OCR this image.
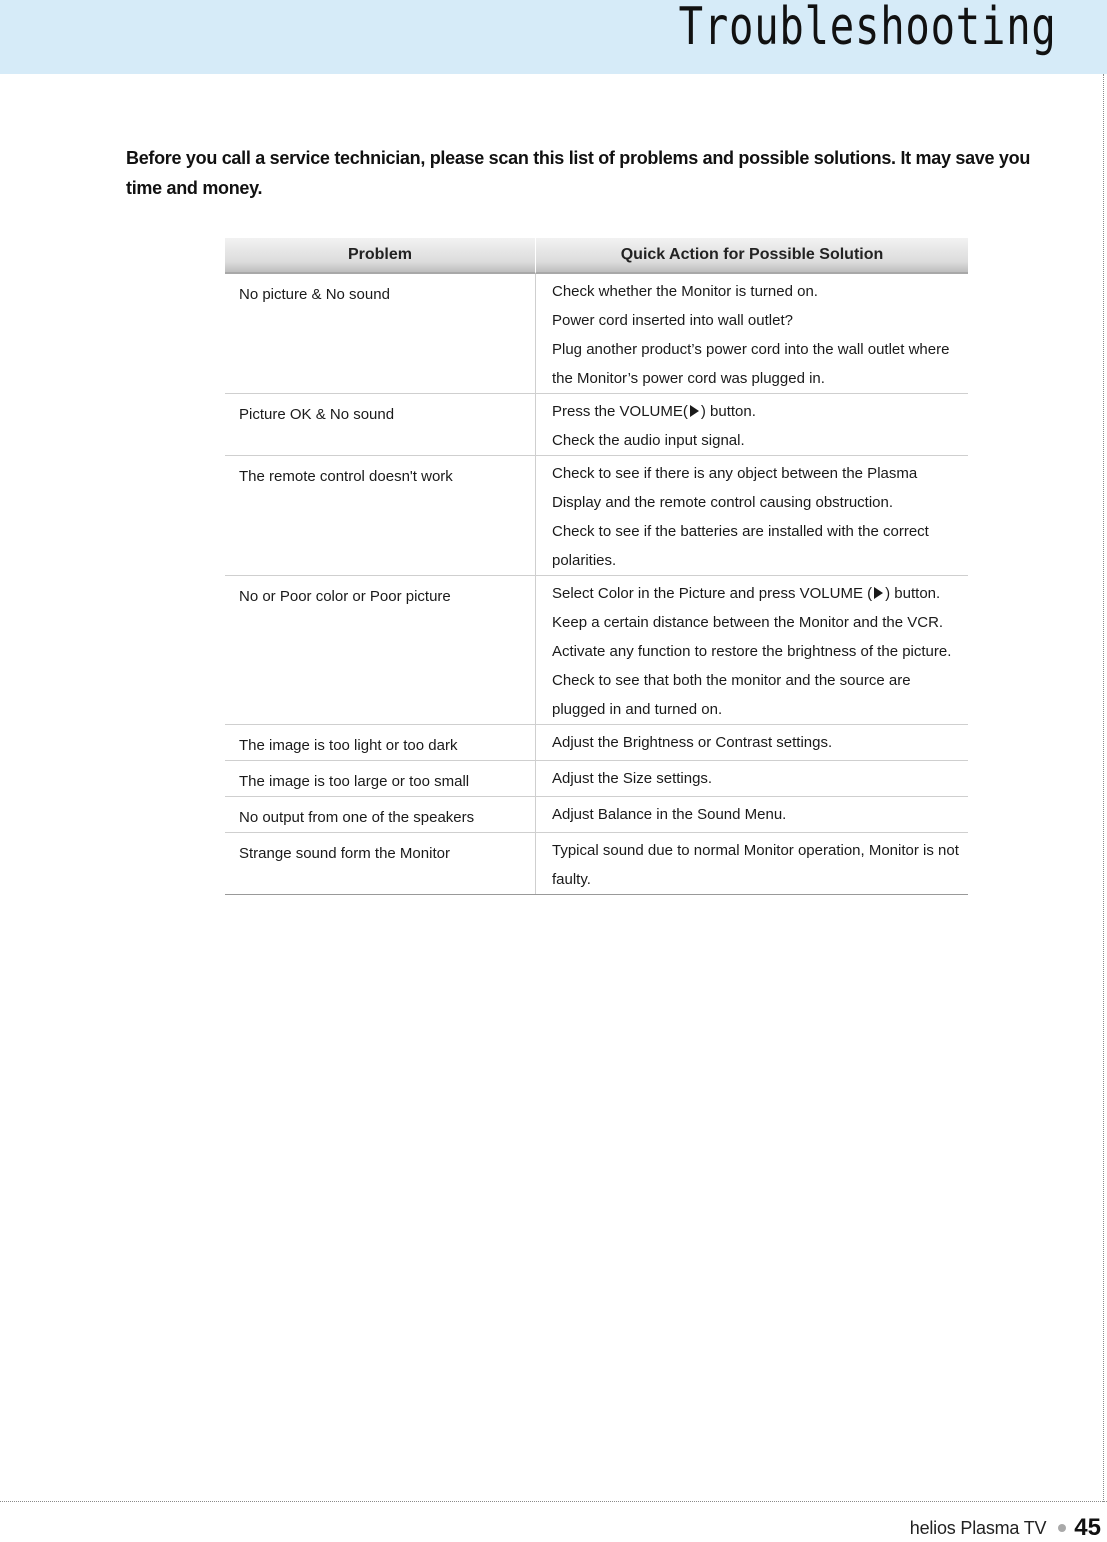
Troubleshooting
Before you call a service technician, please scan this list of problems and possible solutions. It may save you time and money.
Problem	Quick Action for Possible Solution
No picture & No sound	Check whether the Monitor is turned on.
Power cord inserted into wall outlet?
Plug another product’s power cord into the wall outlet where
the Monitor’s power cord was plugged in.
Picture OK & No sound	Press the VOLUME( ) button.
Check the audio input signal.
The remote control doesn't work	Check to see if there is any object between the Plasma
Display and the remote control causing obstruction.
Check to see if the batteries are installed with the correct
polarities.
No or Poor color or Poor picture	Select Color in the Picture and press VOLUME ( ) button.
Keep a certain distance between the Monitor and the VCR.
Activate any function to restore the brightness of the picture.
Check to see that both the monitor and the source are
plugged in and turned on.
The image is too light or too dark	Adjust the Brightness or Contrast settings.
The image is too large or too small	Adjust the Size settings.
No output from one of the speakers	Adjust Balance in the Sound Menu.
Strange sound form the Monitor	Typical sound due to normal Monitor operation, Monitor is not
faulty.
helios Plasma TV 45
